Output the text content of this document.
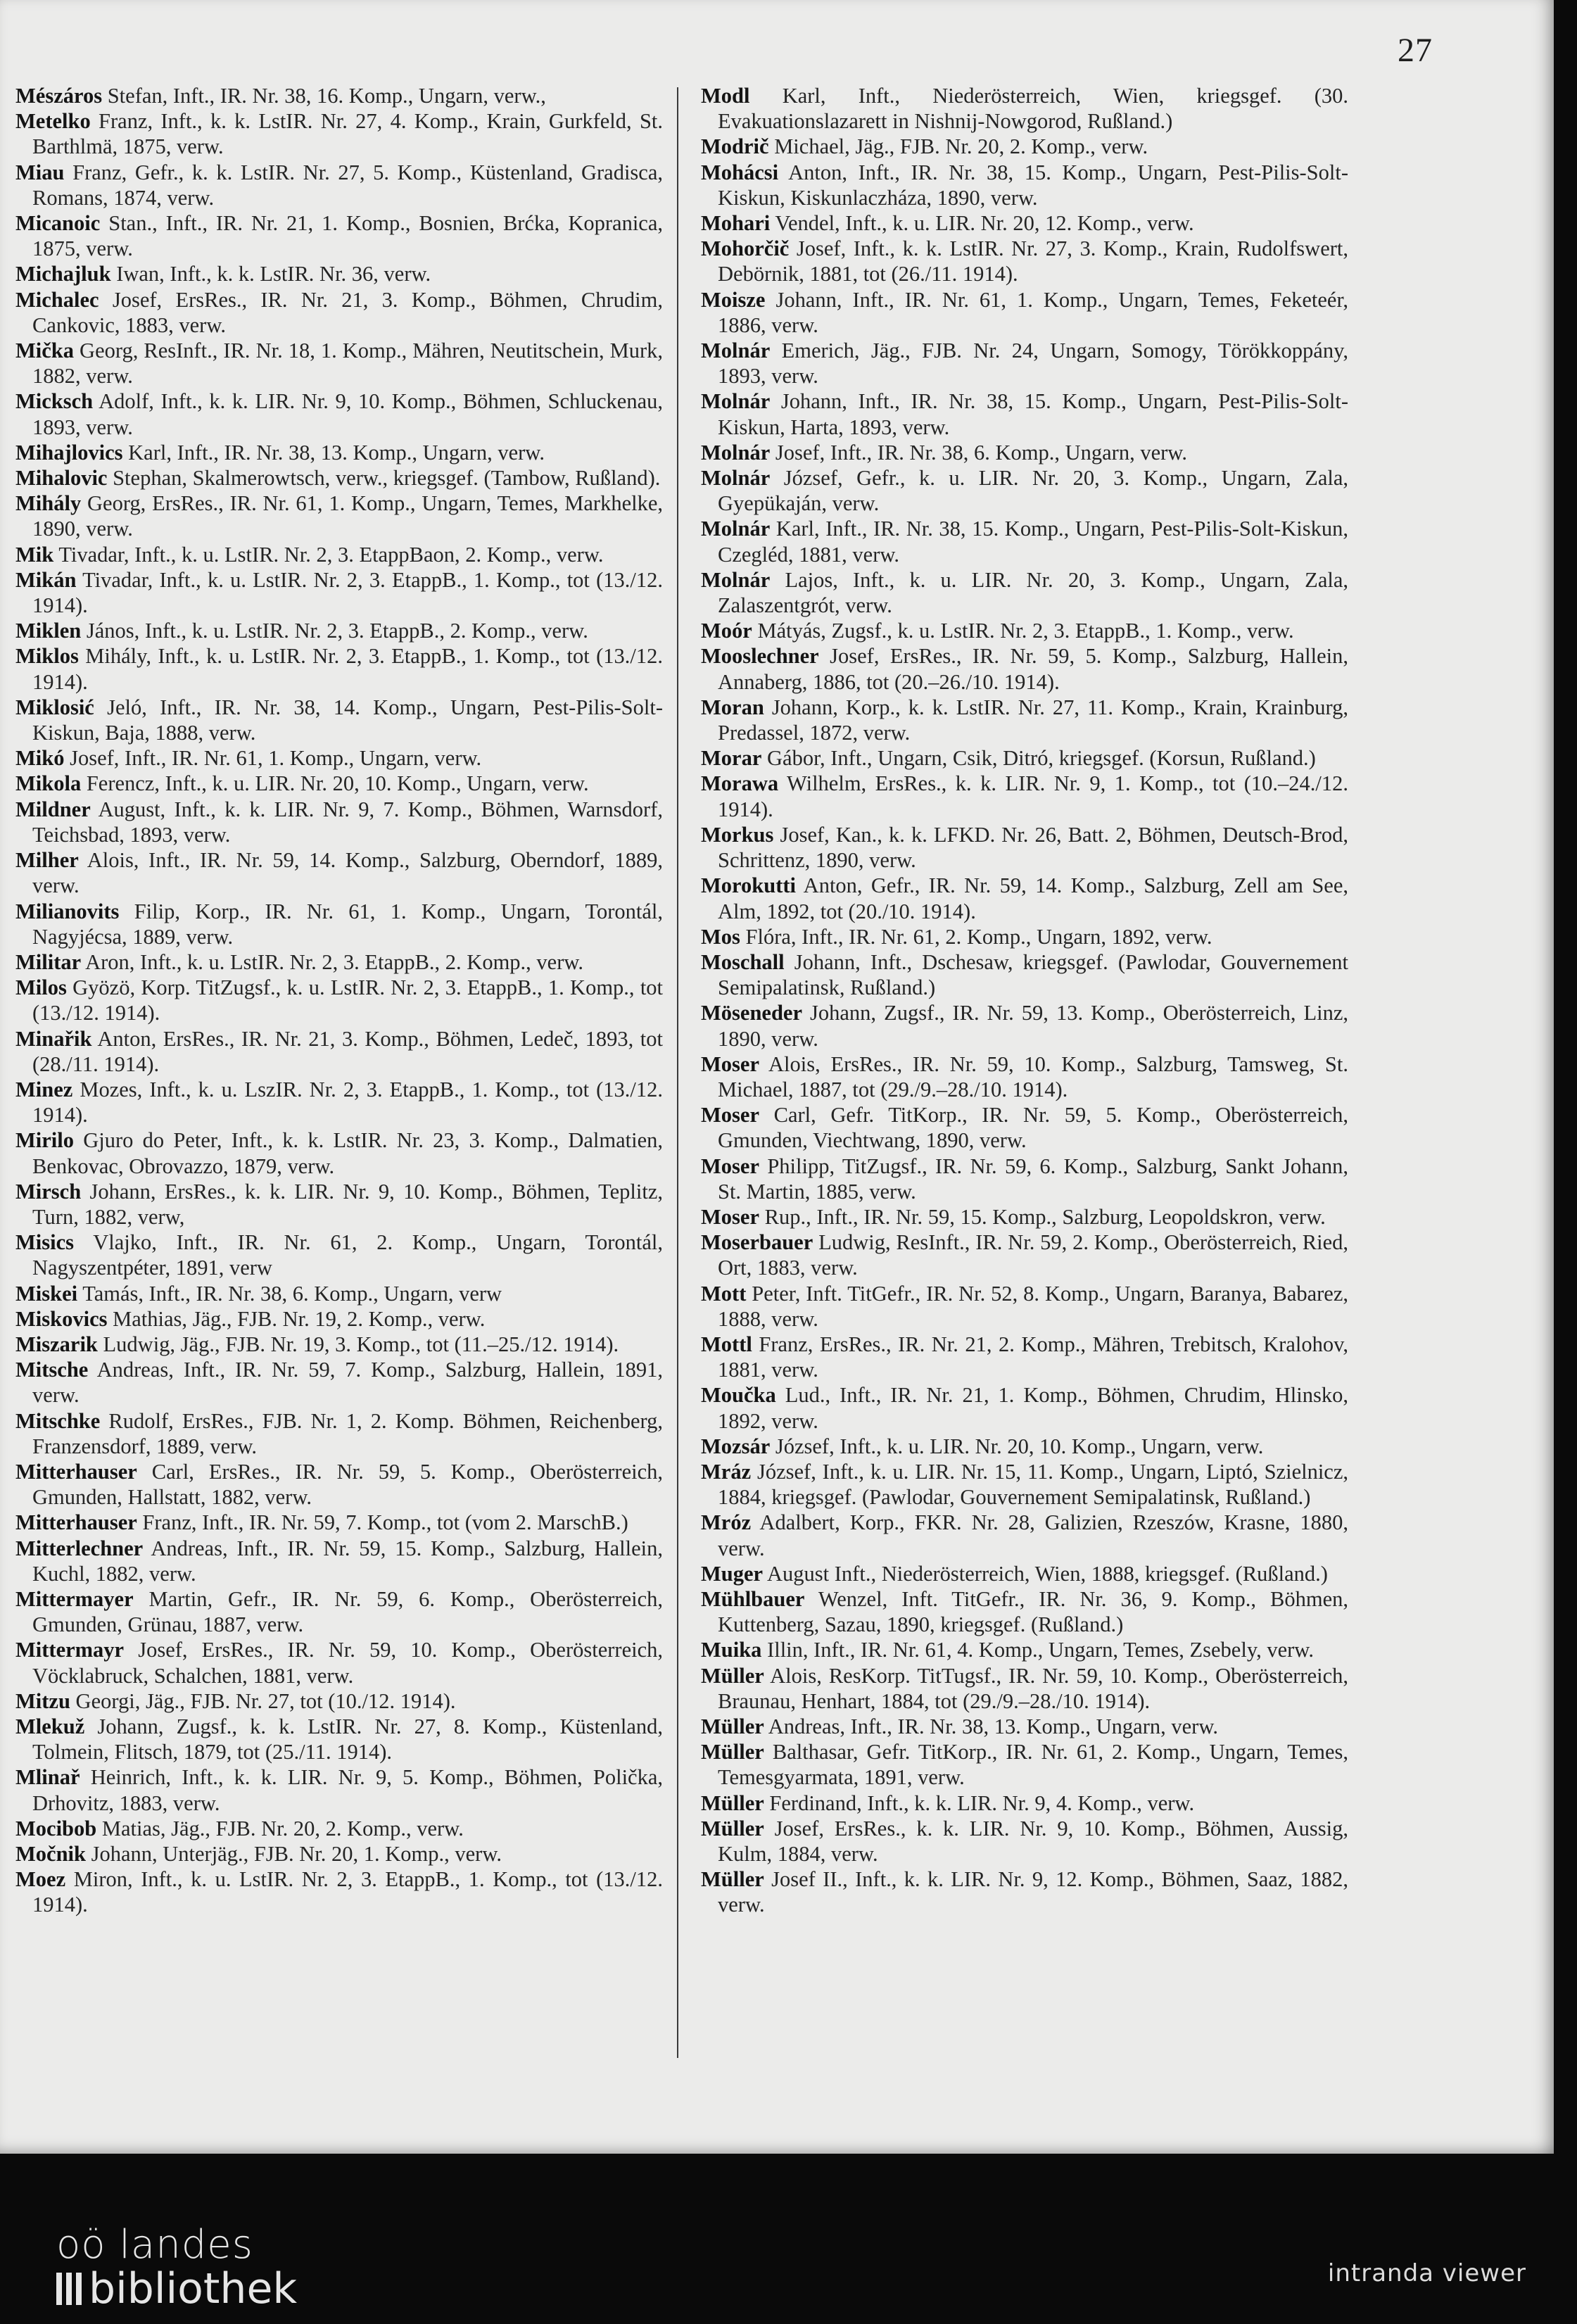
27

Mészáros Stefan, Inft., IR. Nr. 38, 16. Komp., Ungarn, verw.,

Metelko Franz, Inft., k. k. LstIR. Nr. 27, 4. Komp., Krain, Gurkfeld, St. Barthlmä, 1875, verw.

Miau Franz, Gefr., k. k. LstIR. Nr. 27, 5. Komp., Küstenland, Gradisca, Romans, 1874, verw.

Micanoic Stan., Inft., IR. Nr. 21, 1. Komp., Bosnien, Brćka, Kopranica, 1875, verw.

Michajluk Iwan, Inft., k. k. LstIR. Nr. 36, verw.

Michalec Josef, ErsRes., IR. Nr. 21, 3. Komp., Böhmen, Chrudim, Cankovic, 1883, verw.

Mička Georg, ResInft., IR. Nr. 18, 1. Komp., Mähren, Neutitschein, Murk, 1882, verw.

Micksch Adolf, Inft., k. k. LIR. Nr. 9, 10. Komp., Böhmen, Schluckenau, 1893, verw.

Mihajlovics Karl, Inft., IR. Nr. 38, 13. Komp., Ungarn, verw.

Mihalovic Stephan, Skalmerowtsch, verw., kriegsgef. (Tambow, Rußland).

Mihály Georg, ErsRes., IR. Nr. 61, 1. Komp., Ungarn, Temes, Markhelke, 1890, verw.

Mik Tivadar, Inft., k. u. LstIR. Nr. 2, 3. EtappBaon, 2. Komp., verw.

Mikán Tivadar, Inft., k. u. LstIR. Nr. 2, 3. EtappB., 1. Komp., tot (13./12. 1914).

Miklen János, Inft., k. u. LstIR. Nr. 2, 3. EtappB., 2. Komp., verw.

Miklos Mihály, Inft., k. u. LstIR. Nr. 2, 3. EtappB., 1. Komp., tot (13./12. 1914).

Miklosić Jeló, Inft., IR. Nr. 38, 14. Komp., Ungarn, Pest-Pilis-Solt-Kiskun, Baja, 1888, verw.

Mikó Josef, Inft., IR. Nr. 61, 1. Komp., Ungarn, verw.

Mikola Ferencz, Inft., k. u. LIR. Nr. 20, 10. Komp., Ungarn, verw.

Mildner August, Inft., k. k. LIR. Nr. 9, 7. Komp., Böhmen, Warnsdorf, Teichsbad, 1893, verw.

Milher Alois, Inft., IR. Nr. 59, 14. Komp., Salzburg, Oberndorf, 1889, verw.

Milianovits Filip, Korp., IR. Nr. 61, 1. Komp., Ungarn, Torontál, Nagyjécsa, 1889, verw.

Militar Aron, Inft., k. u. LstIR. Nr. 2, 3. EtappB., 2. Komp., verw.

Milos Gyözö, Korp. TitZugsf., k. u. LstIR. Nr. 2, 3. EtappB., 1. Komp., tot (13./12. 1914).

Minařik Anton, ErsRes., IR. Nr. 21, 3. Komp., Böhmen, Ledeč, 1893, tot (28./11. 1914).

Minez Mozes, Inft., k. u. LszIR. Nr. 2, 3. EtappB., 1. Komp., tot (13./12. 1914).

Mirilo Gjuro do Peter, Inft., k. k. LstIR. Nr. 23, 3. Komp., Dalmatien, Benkovac, Obrovazzo, 1879, verw.

Mirsch Johann, ErsRes., k. k. LIR. Nr. 9, 10. Komp., Böhmen, Teplitz, Turn, 1882, verw,

Misics Vlajko, Inft., IR. Nr. 61, 2. Komp., Ungarn, Torontál, Nagyszentpéter, 1891, verw

Miskei Tamás, Inft., IR. Nr. 38, 6. Komp., Ungarn, verw

Miskovics Mathias, Jäg., FJB. Nr. 19, 2. Komp., verw.

Miszarik Ludwig, Jäg., FJB. Nr. 19, 3. Komp., tot (11.–25./12. 1914).

Mitsche Andreas, Inft., IR. Nr. 59, 7. Komp., Salzburg, Hallein, 1891, verw.

Mitschke Rudolf, ErsRes., FJB. Nr. 1, 2. Komp. Böhmen, Reichenberg, Franzensdorf, 1889, verw.

Mitterhauser Carl, ErsRes., IR. Nr. 59, 5. Komp., Oberösterreich, Gmunden, Hallstatt, 1882, verw.

Mitterhauser Franz, Inft., IR. Nr. 59, 7. Komp., tot (vom 2. MarschB.)

Mitterlechner Andreas, Inft., IR. Nr. 59, 15. Komp., Salzburg, Hallein, Kuchl, 1882, verw.

Mittermayer Martin, Gefr., IR. Nr. 59, 6. Komp., Oberösterreich, Gmunden, Grünau, 1887, verw.

Mittermayr Josef, ErsRes., IR. Nr. 59, 10. Komp., Oberösterreich, Vöcklabruck, Schalchen, 1881, verw.

Mitzu Georgi, Jäg., FJB. Nr. 27, tot (10./12. 1914).

Mlekuž Johann, Zugsf., k. k. LstIR. Nr. 27, 8. Komp., Küstenland, Tolmein, Flitsch, 1879, tot (25./11. 1914).

Mlinař Heinrich, Inft., k. k. LIR. Nr. 9, 5. Komp., Böhmen, Polička, Drhovitz, 1883, verw.

Mocibob Matias, Jäg., FJB. Nr. 20, 2. Komp., verw.

Močnik Johann, Unterjäg., FJB. Nr. 20, 1. Komp., verw.

Moez Miron, Inft., k. u. LstIR. Nr. 2, 3. EtappB., 1. Komp., tot (13./12. 1914).

Modl Karl, Inft., Niederösterreich, Wien, kriegsgef. (30. Evakuationslazarett in Nishnij-Nowgorod, Rußland.)

Modrič Michael, Jäg., FJB. Nr. 20, 2. Komp., verw.

Mohácsi Anton, Inft., IR. Nr. 38, 15. Komp., Ungarn, Pest-Pilis-Solt-Kiskun, Kiskunlaczháza, 1890, verw.

Mohari Vendel, Inft., k. u. LIR. Nr. 20, 12. Komp., verw.

Mohorčič Josef, Inft., k. k. LstIR. Nr. 27, 3. Komp., Krain, Rudolfswert, Debörnik, 1881, tot (26./11. 1914).

Moisze Johann, Inft., IR. Nr. 61, 1. Komp., Ungarn, Temes, Feketeér, 1886, verw.

Molnár Emerich, Jäg., FJB. Nr. 24, Ungarn, Somogy, Törökkoppány, 1893, verw.

Molnár Johann, Inft., IR. Nr. 38, 15. Komp., Ungarn, Pest-Pilis-Solt-Kiskun, Harta, 1893, verw.

Molnár Josef, Inft., IR. Nr. 38, 6. Komp., Ungarn, verw.

Molnár József, Gefr., k. u. LIR. Nr. 20, 3. Komp., Ungarn, Zala, Gyepükaján, verw.

Molnár Karl, Inft., IR. Nr. 38, 15. Komp., Ungarn, Pest-Pilis-Solt-Kiskun, Czegléd, 1881, verw.

Molnár Lajos, Inft., k. u. LIR. Nr. 20, 3. Komp., Ungarn, Zala, Zalaszentgrót, verw.

Moór Mátyás, Zugsf., k. u. LstIR. Nr. 2, 3. EtappB., 1. Komp., verw.

Mooslechner Josef, ErsRes., IR. Nr. 59, 5. Komp., Salzburg, Hallein, Annaberg, 1886, tot (20.–26./10. 1914).

Moran Johann, Korp., k. k. LstIR. Nr. 27, 11. Komp., Krain, Krainburg, Predassel, 1872, verw.

Morar Gábor, Inft., Ungarn, Csik, Ditró, kriegsgef. (Korsun, Rußland.)

Morawa Wilhelm, ErsRes., k. k. LIR. Nr. 9, 1. Komp., tot (10.–24./12. 1914).

Morkus Josef, Kan., k. k. LFKD. Nr. 26, Batt. 2, Böhmen, Deutsch-Brod, Schrittenz, 1890, verw.

Morokutti Anton, Gefr., IR. Nr. 59, 14. Komp., Salzburg, Zell am See, Alm, 1892, tot (20./10. 1914).

Mos Flóra, Inft., IR. Nr. 61, 2. Komp., Ungarn, 1892, verw.

Moschall Johann, Inft., Dschesaw, kriegsgef. (Pawlodar, Gouvernement Semipalatinsk, Rußland.)

Möseneder Johann, Zugsf., IR. Nr. 59, 13. Komp., Oberösterreich, Linz, 1890, verw.

Moser Alois, ErsRes., IR. Nr. 59, 10. Komp., Salzburg, Tamsweg, St. Michael, 1887, tot (29./9.–28./10. 1914).

Moser Carl, Gefr. TitKorp., IR. Nr. 59, 5. Komp., Oberösterreich, Gmunden, Viechtwang, 1890, verw.

Moser Philipp, TitZugsf., IR. Nr. 59, 6. Komp., Salzburg, Sankt Johann, St. Martin, 1885, verw.

Moser Rup., Inft., IR. Nr. 59, 15. Komp., Salzburg, Leopoldskron, verw.

Moserbauer Ludwig, ResInft., IR. Nr. 59, 2. Komp., Oberösterreich, Ried, Ort, 1883, verw.

Mott Peter, Inft. TitGefr., IR. Nr. 52, 8. Komp., Ungarn, Baranya, Babarez, 1888, verw.

Mottl Franz, ErsRes., IR. Nr. 21, 2. Komp., Mähren, Trebitsch, Kralohov, 1881, verw.

Moučka Lud., Inft., IR. Nr. 21, 1. Komp., Böhmen, Chrudim, Hlinsko, 1892, verw.

Mozsár József, Inft., k. u. LIR. Nr. 20, 10. Komp., Ungarn, verw.

Mráz József, Inft., k. u. LIR. Nr. 15, 11. Komp., Ungarn, Liptó, Szielnicz, 1884, kriegsgef. (Pawlodar, Gouvernement Semipalatinsk, Rußland.)

Mróz Adalbert, Korp., FKR. Nr. 28, Galizien, Rzeszów, Krasne, 1880, verw.

Muger August Inft., Niederösterreich, Wien, 1888, kriegsgef. (Rußland.)

Mühlbauer Wenzel, Inft. TitGefr., IR. Nr. 36, 9. Komp., Böhmen, Kuttenberg, Sazau, 1890, kriegsgef. (Rußland.)

Muika Illin, Inft., IR. Nr. 61, 4. Komp., Ungarn, Temes, Zsebely, verw.

Müller Alois, ResKorp. TitTugsf., IR. Nr. 59, 10. Komp., Oberösterreich, Braunau, Henhart, 1884, tot (29./9.–28./10. 1914).

Müller Andreas, Inft., IR. Nr. 38, 13. Komp., Ungarn, verw.

Müller Balthasar, Gefr. TitKorp., IR. Nr. 61, 2. Komp., Ungarn, Temes, Temesgyarmata, 1891, verw.

Müller Ferdinand, Inft., k. k. LIR. Nr. 9, 4. Komp., verw.

Müller Josef, ErsRes., k. k. LIR. Nr. 9, 10. Komp., Böhmen, Aussig, Kulm, 1884, verw.

Müller Josef II., Inft., k. k. LIR. Nr. 9, 12. Komp., Böhmen, Saaz, 1882, verw.

oö landes
bibliothek	intranda viewer
